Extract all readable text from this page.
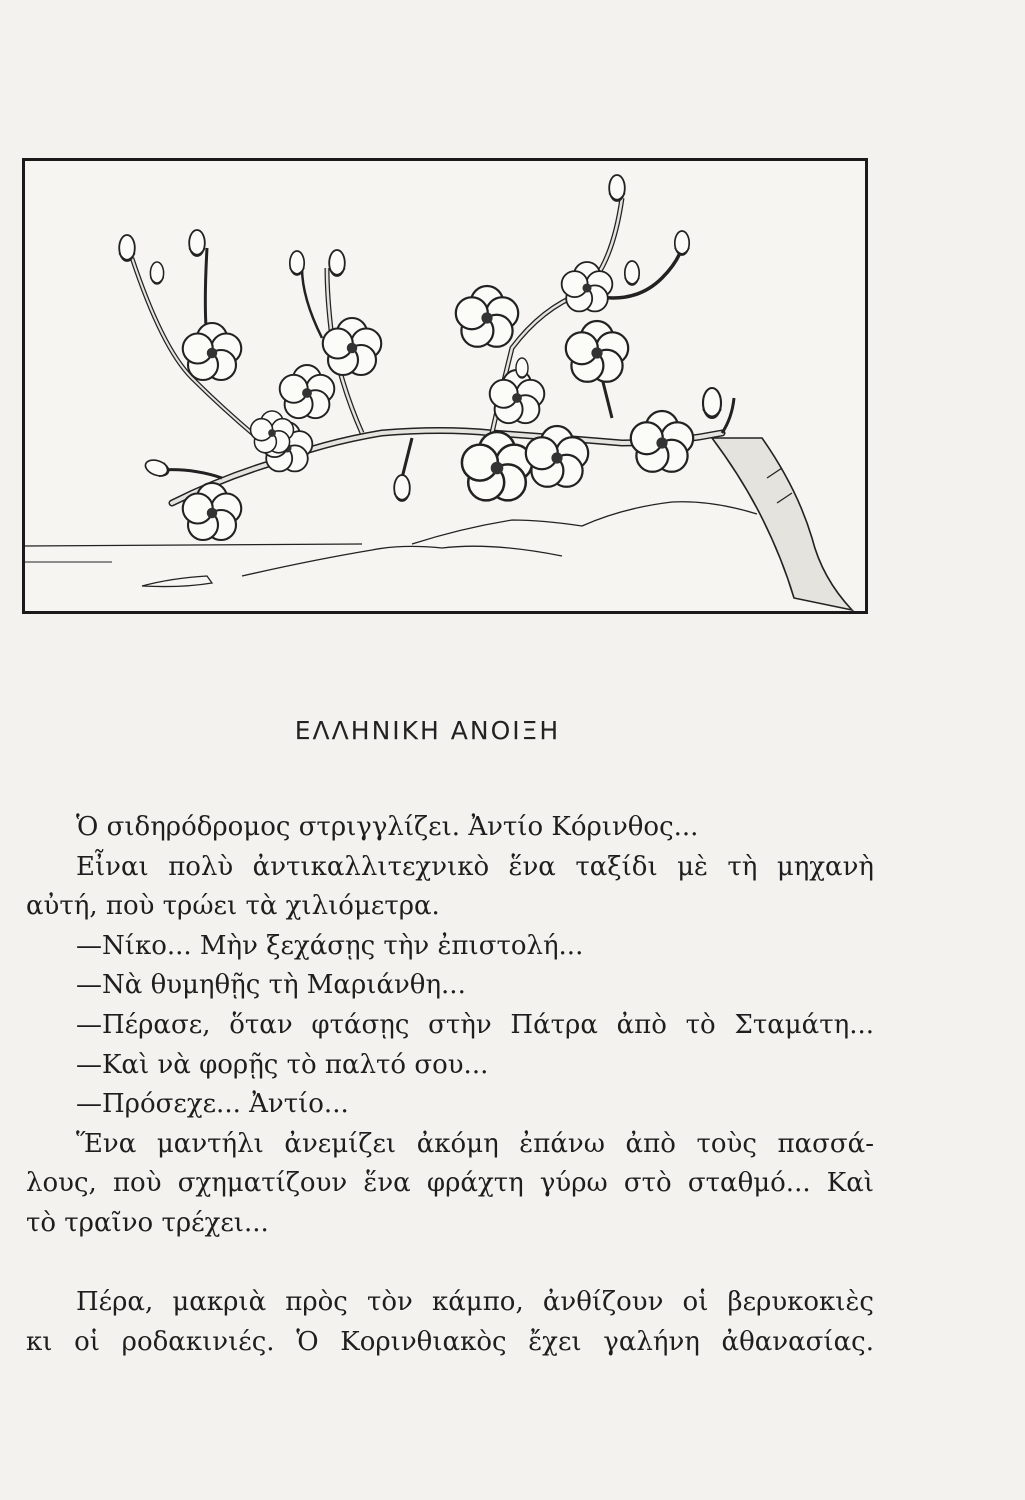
ΕΛΛΗΝΙΚΗ ΑΝΟΙΞΗ
Ὁ σιδηρόδρομος στριγγλίζει. Ἀντίο Κόρινθος...
Εἶναι πολὺ ἀντικαλλιτεχνικὸ ἕνα ταξίδι μὲ τὴ μηχανὴ
αὐτή, ποὺ τρώει τὰ χιλιόμετρα.
—Νίκο... Μὴν ξεχάσῃς τὴν ἐπιστολή...
—Νὰ θυμηθῇς τὴ Μαριάνθη...
—Πέρασε, ὅταν φτάσῃς στὴν Πάτρα ἀπὸ τὸ Σταμάτη...
—Καὶ νὰ φορῇς τὸ παλτό σου...
—Πρόσεχε... Ἀντίο...
Ἕνα μαντήλι ἀνεμίζει ἀκόμη ἐπάνω ἀπὸ τοὺς πασσά-
λους, ποὺ σχηματίζουν ἕνα φράχτη γύρω στὸ σταθμό... Καὶ
τὸ τραῖνο τρέχει...
Πέρα, μακριὰ πρὸς τὸν κάμπο, ἀνθίζουν οἱ βερυκοκιὲς
κι οἱ ροδακινιές. Ὁ Κορινθιακὸς ἔχει γαλήνη ἀθανασίας.
